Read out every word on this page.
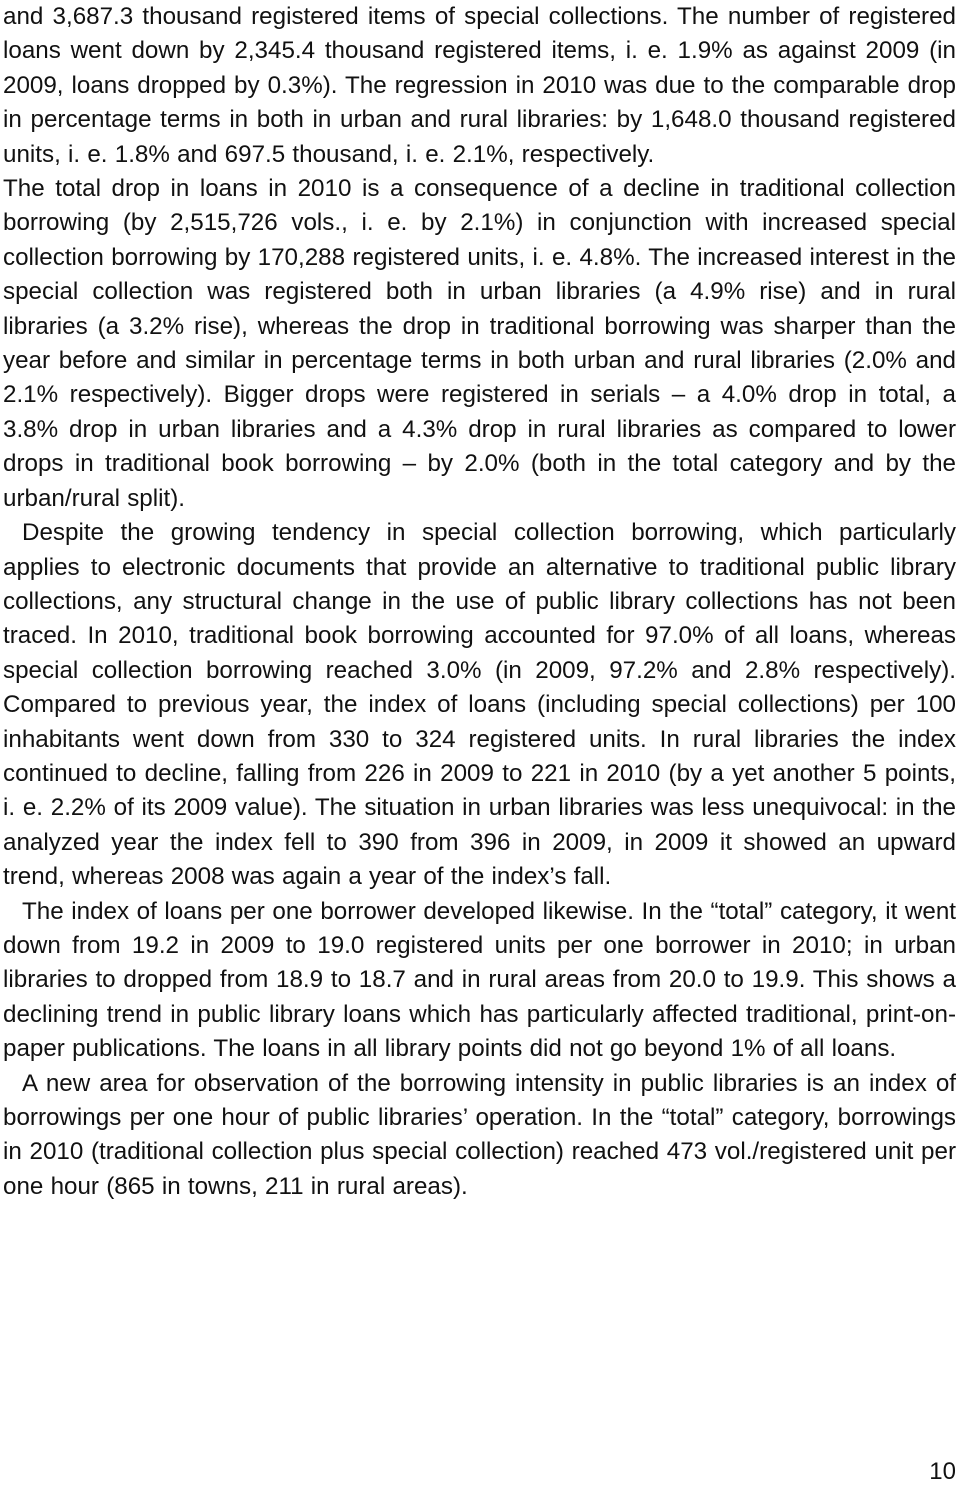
and 3,687.3 thousand registered items of special collections. The number of registered loans went down by 2,345.4 thousand registered items, i. e. 1.9% as against 2009 (in 2009, loans dropped by 0.3%). The regression in 2010 was due to the comparable drop in percentage terms in both in urban and rural libraries: by 1,648.0 thousand registered units, i. e. 1.8% and 697.5 thousand, i. e. 2.1%, respectively.

The total drop in loans in 2010 is a consequence of a decline in traditional collection borrowing (by 2,515,726 vols., i. e. by 2.1%) in conjunction with increased special collection borrowing by 170,288 registered units, i. e. 4.8%. The increased interest in the special collection was registered both in urban libraries (a 4.9% rise) and in rural libraries (a 3.2% rise), whereas the drop in traditional borrowing was sharper than the year before and similar in percentage terms in both urban and rural libraries (2.0% and 2.1% respectively). Bigger drops were registered in serials – a 4.0% drop in total, a 3.8% drop in urban libraries and a 4.3% drop in rural libraries as compared to lower drops in traditional book borrowing – by 2.0% (both in the total category and by the urban/rural split).

Despite the growing tendency in special collection borrowing, which particularly applies to electronic documents that provide an alternative to traditional public library collections, any structural change in the use of public library collections has not been traced. In 2010, traditional book borrowing accounted for 97.0% of all loans, whereas special collection borrowing reached 3.0% (in 2009, 97.2% and 2.8% respectively). Compared to previous year, the index of loans (including special collections) per 100 inhabitants went down from 330 to 324 registered units. In rural libraries the index continued to decline, falling from 226 in 2009 to 221 in 2010 (by a yet another 5 points, i. e. 2.2% of its 2009 value). The situation in urban libraries was less unequivocal: in the analyzed year the index fell to 390 from 396 in 2009, in 2009 it showed an upward trend, whereas 2008 was again a year of the index’s fall.

The index of loans per one borrower developed likewise. In the “total” category, it went down from 19.2 in 2009 to 19.0 registered units per one borrower in 2010; in urban libraries to dropped from 18.9 to 18.7 and in rural areas from 20.0 to 19.9. This shows a declining trend in public library loans which has particularly affected traditional, print-on-paper publications. The loans in all library points did not go beyond 1% of all loans.

A new area for observation of the borrowing intensity in public libraries is an index of borrowings per one hour of public libraries’ operation. In the “total” category, borrowings in 2010 (traditional collection plus special collection) reached 473 vol./registered unit per one hour (865 in towns, 211 in rural areas).

10
